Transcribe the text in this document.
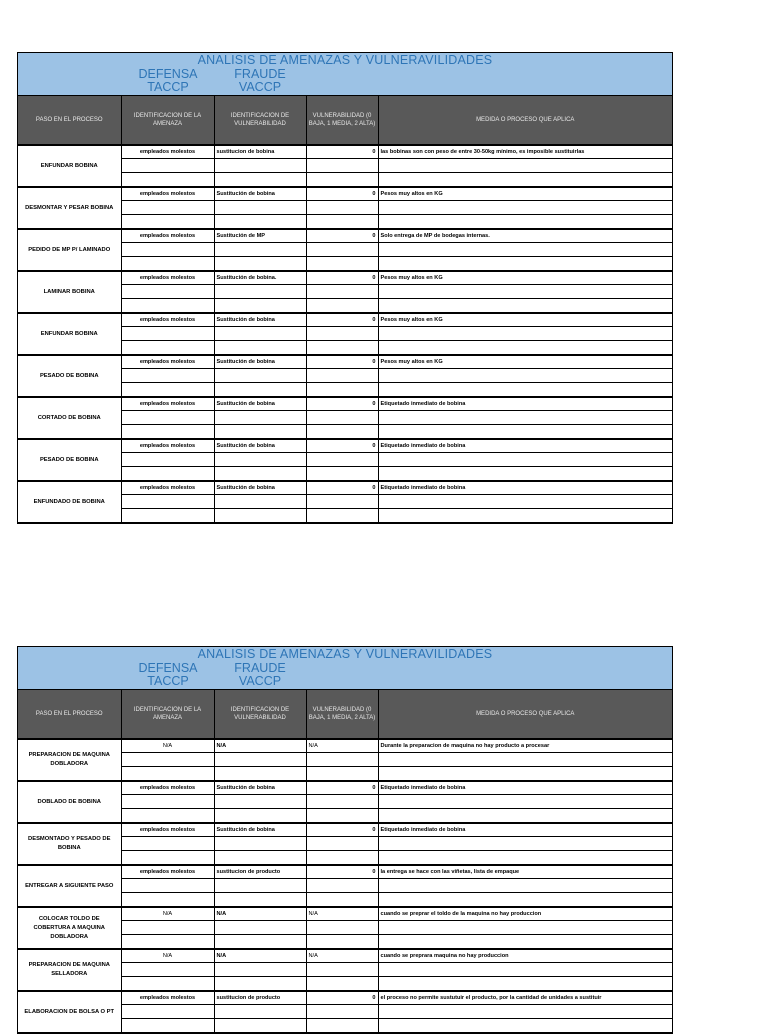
ANALISIS DE AMENAZAS Y VULNERAVILIDADES
DEFENSA
TACCP
FRAUDE
VACCP
PASO EN EL PROCESO	IDENTIFICACION DE LA AMENAZA	IDENTIFICACION DE VULNERABILIDAD	VULNERABILIDAD (0 BAJA, 1 MEDIA, 2 ALTA)	MEDIDA O PROCESO QUE APLICA
ENFUNDAR BOBINA	empleados molestos	sustitucion de bobina	0	las bobinas son con peso de entre 30-50kg mínimo, es imposible sustituirlas

DESMONTAR Y PESAR BOBINA	empleados molestos	Sustitución de bobina	0	Pesos muy altos en KG

PEDIDO DE MP P/ LAMINADO	empleados molestos	Sustitución de MP	0	Solo entrega de MP de bodegas internas.

LAMINAR BOBINA	empleados molestos	Sustitución de bobina.	0	Pesos muy altos en KG

ENFUNDAR BOBINA	empleados molestos	Sustitución de bobina	0	Pesos muy altos en KG

PESADO DE BOBINA	empleados molestos	Sustitución de bobina	0	Pesos muy altos en KG

CORTADO DE BOBINA	empleados molestos	Sustitución de bobina	0	Etiquetado inmediato de bobina

PESADO DE BOBINA	empleados molestos	Sustitución de bobina	0	Etiquetado inmediato de bobina

ENFUNDADO DE BOBINA	empleados molestos	Sustitución de bobina	0	Etiquetado inmediato de bobina

ANALISIS DE AMENAZAS Y VULNERAVILIDADES
DEFENSA
TACCP
FRAUDE
VACCP
PASO EN EL PROCESO	IDENTIFICACION DE LA AMENAZA	IDENTIFICACION DE VULNERABILIDAD	VULNERABILIDAD (0 BAJA, 1 MEDIA, 2 ALTA)	MEDIDA O PROCESO QUE APLICA
PREPARACION DE MAQUINA DOBLADORA	N/A	N/A	N/A	Durante la preparacion de maquina no hay producto a procesar

DOBLADO DE BOBINA	empleados molestos	Sustitución de bobina	0	Etiquetado inmediato de bobina

DESMONTADO Y PESADO DE BOBINA	empleados molestos	Sustitución de bobina	0	Etiquetado inmediato de bobina

ENTREGAR A SIGUIENTE PASO	empleados molestos	sustitucion de producto	0	la entrega se hace con las viñetas, lista de empaque

COLOCAR TOLDO DE COBERTURA A MAQUINA DOBLADORA	N/A	N/A	N/A	cuando se preprar el toldo de la maquina no hay produccion

PREPARACION DE MAQUINA SELLADORA	N/A	N/A	N/A	cuando se preprara maquina no hay produccion

ELABORACION DE BOLSA O PT	empleados molestos	sustitucion de producto	0	el proceso no permite sustutuir el producto, por la cantidad de unidades a sustituir
